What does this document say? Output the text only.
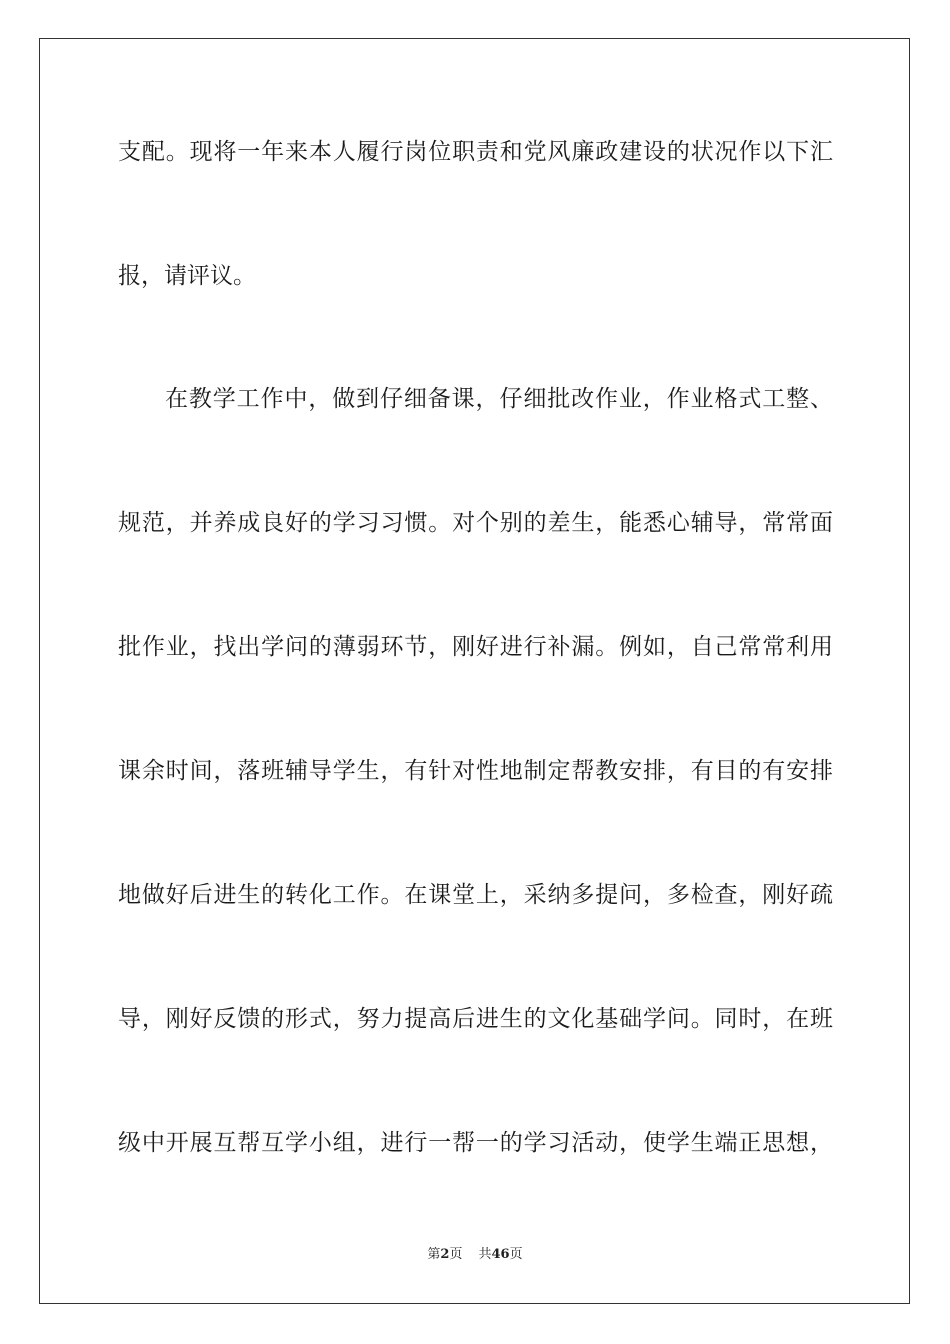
支配。现将一年来本人履行岗位职责和党风廉政建设的状况作以下汇
报，请评议。
在教学工作中，做到仔细备课，仔细批改作业，作业格式工整、
规范，并养成良好的学习习惯。对个别的差生，能悉心辅导，常常面
批作业，找出学问的薄弱环节，刚好进行补漏。例如，自己常常利用
课余时间，落班辅导学生，有针对性地制定帮教安排，有目的有安排
地做好后进生的转化工作。在课堂上，采纳多提问，多检查，刚好疏
导，刚好反馈的形式，努力提高后进生的文化基础学问。同时，在班
级中开展互帮互学小组，进行一帮一的学习活动，使学生端正思想，
第2页 共46页
